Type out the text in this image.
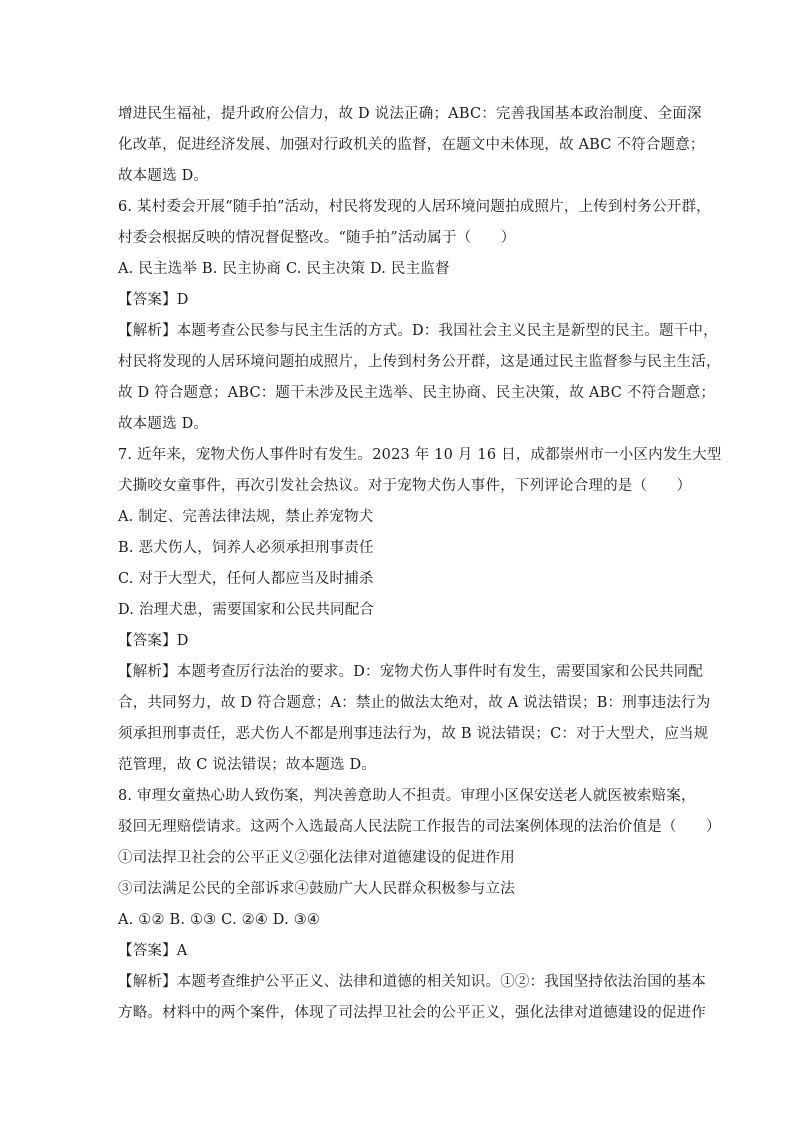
增进民生福祉，提升政府公信力，故 D 说法正确；ABC：完善我国基本政治制度、全面深
化改革，促进经济发展、加强对行政机关的监督，在题文中未体现，故 ABC 不符合题意；
故本题选 D。
6. 某村委会开展“随手拍”活动，村民将发现的人居环境问题拍成照片，上传到村务公开群，
村委会根据反映的情况督促整改。“随手拍”活动属于（　　）
A. 民主选举 B. 民主协商 C. 民主决策 D. 民主监督
【答案】D
【解析】本题考查公民参与民主生活的方式。D：我国社会主义民主是新型的民主。题干中，
村民将发现的人居环境问题拍成照片，上传到村务公开群，这是通过民主监督参与民主生活，
故 D 符合题意；ABC：题干未涉及民主选举、民主协商、民主决策，故 ABC 不符合题意；
故本题选 D。
7. 近年来，宠物犬伤人事件时有发生。2023 年 10 月 16 日，成都崇州市一小区内发生大型
犬撕咬女童事件，再次引发社会热议。对于宠物犬伤人事件，下列评论合理的是（　　）
A. 制定、完善法律法规，禁止养宠物犬
B. 恶犬伤人，饲养人必须承担刑事责任
C. 对于大型犬，任何人都应当及时捕杀
D. 治理犬患，需要国家和公民共同配合
【答案】D
【解析】本题考查厉行法治的要求。D：宠物犬伤人事件时有发生，需要国家和公民共同配
合，共同努力，故 D 符合题意；A：禁止的做法太绝对，故 A 说法错误；B：刑事违法行为
须承担刑事责任，恶犬伤人不都是刑事违法行为，故 B 说法错误；C：对于大型犬，应当规
范管理，故 C 说法错误；故本题选 D。
8. 审理女童热心助人致伤案，判决善意助人不担责。审理小区保安送老人就医被索赔案，
驳回无理赔偿请求。这两个入选最高人民法院工作报告的司法案例体现的法治价值是（　　）
①司法捍卫社会的公平正义②强化法律对道德建设的促进作用
③司法满足公民的全部诉求④鼓励广大人民群众积极参与立法
A. ①② B. ①③ C. ②④ D. ③④
【答案】A
【解析】本题考查维护公平正义、法律和道德的相关知识。①②：我国坚持依法治国的基本
方略。材料中的两个案件，体现了司法捍卫社会的公平正义，强化法律对道德建设的促进作
